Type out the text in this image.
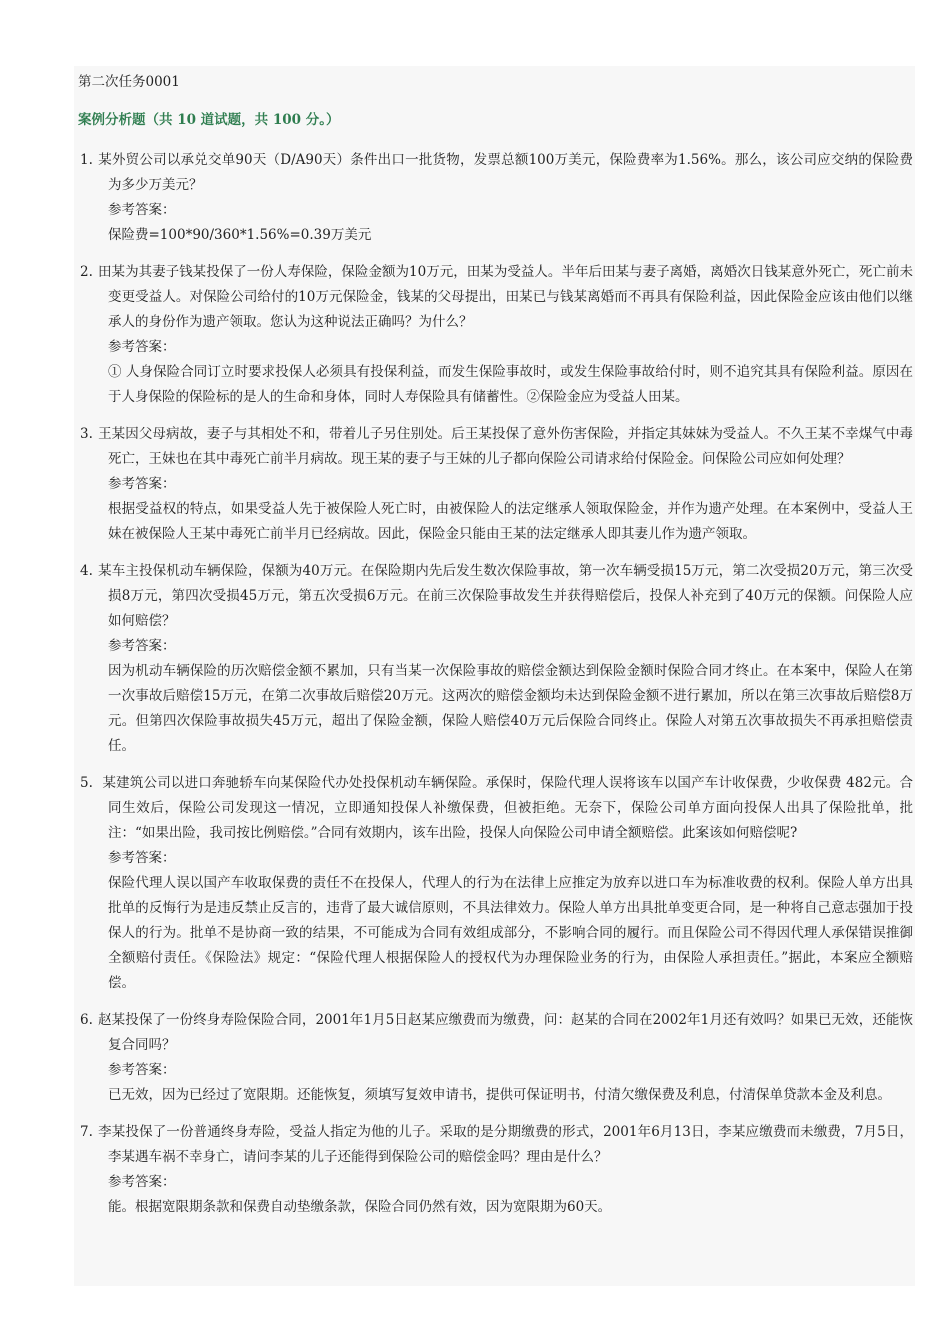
第二次任务0001
案例分析题（共 10 道试题，共 100 分。）

1. 某外贸公司以承兑交单90天（D/A90天）条件出口一批货物，发票总额100万美元，保险费率为1.56%。那么，该公司应交纳的保险费为多少万美元？

参考答案：

保险费=100*90/360*1.56%=0.39万美元

2. 田某为其妻子钱某投保了一份人寿保险，保险金额为10万元，田某为受益人。半年后田某与妻子离婚，离婚次日钱某意外死亡，死亡前未变更受益人。对保险公司给付的10万元保险金，钱某的父母提出，田某已与钱某离婚而不再具有保险利益，因此保险金应该由他们以继承人的身份作为遗产领取。您认为这种说法正确吗？为什么？

参考答案：

① 人身保险合同订立时要求投保人必须具有投保利益，而发生保险事故时，或发生保险事故给付时，则不追究其具有保险利益。原因在于人身保险的保险标的是人的生命和身体，同时人寿保险具有储蓄性。②保险金应为受益人田某。

3. 王某因父母病故，妻子与其相处不和，带着儿子另住别处。后王某投保了意外伤害保险，并指定其妹妹为受益人。不久王某不幸煤气中毒死亡，王妹也在其中毒死亡前半月病故。现王某的妻子与王妹的儿子都向保险公司请求给付保险金。问保险公司应如何处理？

参考答案：

根据受益权的特点，如果受益人先于被保险人死亡时，由被保险人的法定继承人领取保险金，并作为遗产处理。在本案例中，受益人王妹在被保险人王某中毒死亡前半月已经病故。因此，保险金只能由王某的法定继承人即其妻儿作为遗产领取。

4. 某车主投保机动车辆保险，保额为40万元。在保险期内先后发生数次保险事故，第一次车辆受损15万元，第二次受损20万元，第三次受损8万元，第四次受损45万元，第五次受损6万元。在前三次保险事故发生并获得赔偿后，投保人补充到了40万元的保额。问保险人应如何赔偿？

参考答案：

因为机动车辆保险的历次赔偿金额不累加，只有当某一次保险事故的赔偿金额达到保险金额时保险合同才终止。在本案中，保险人在第一次事故后赔偿15万元，在第二次事故后赔偿20万元。这两次的赔偿金额均未达到保险金额不进行累加，所以在第三次事故后赔偿8万元。但第四次保险事故损失45万元，超出了保险金额，保险人赔偿40万元后保险合同终止。保险人对第五次事故损失不再承担赔偿责任。

5. 某建筑公司以进口奔驰轿车向某保险代办处投保机动车辆保险。承保时，保险代理人误将该车以国产车计收保费，少收保费 482元。合同生效后，保险公司发现这一情况，立即通知投保人补缴保费，但被拒绝。无奈下，保险公司单方面向投保人出具了保险批单，批注：“如果出险，我司按比例赔偿。”合同有效期内，该车出险，投保人向保险公司申请全额赔偿。此案该如何赔偿呢?

参考答案：

保险代理人误以国产车收取保费的责任不在投保人，代理人的行为在法律上应推定为放弃以进口车为标准收费的权利。保险人单方出具批单的反悔行为是违反禁止反言的，违背了最大诚信原则，不具法律效力。保险人单方出具批单变更合同，是一种将自己意志强加于投保人的行为。批单不是协商一致的结果，不可能成为合同有效组成部分，不影响合同的履行。而且保险公司不得因代理人承保错误推御全额赔付责任。《保险法》规定：“保险代理人根据保险人的授权代为办理保险业务的行为，由保险人承担责任。”据此，本案应全额赔偿。

6. 赵某投保了一份终身寿险保险合同，2001年1月5日赵某应缴费而为缴费，问：赵某的合同在2002年1月还有效吗？如果已无效，还能恢复合同吗？

参考答案：

已无效，因为已经过了宽限期。还能恢复，须填写复效申请书，提供可保证明书，付清欠缴保费及利息，付清保单贷款本金及利息。

7. 李某投保了一份普通终身寿险，受益人指定为他的儿子。采取的是分期缴费的形式，2001年6月13日，李某应缴费而未缴费，7月5日，李某遇车祸不幸身亡，请问李某的儿子还能得到保险公司的赔偿金吗？理由是什么？

参考答案：

能。根据宽限期条款和保费自动垫缴条款，保险合同仍然有效，因为宽限期为60天。
